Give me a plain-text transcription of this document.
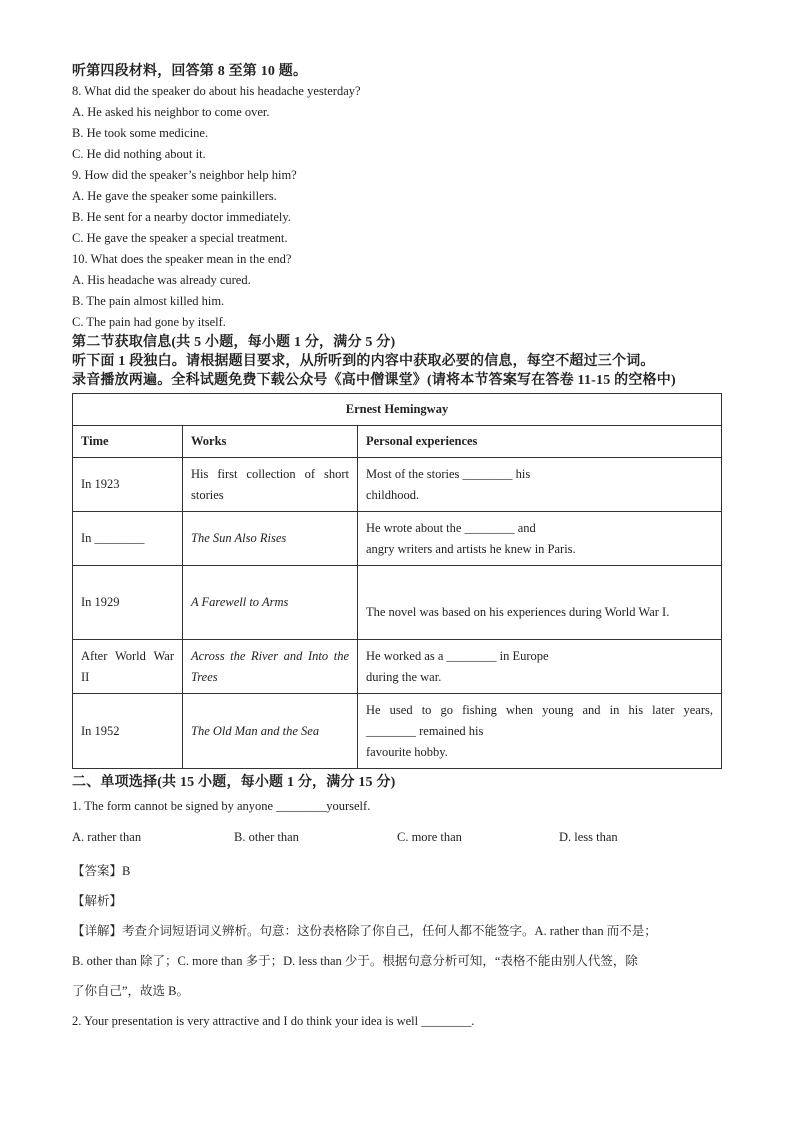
听第四段材料，回答第 8 至第 10 题。
8. What did the speaker do about his headache yesterday?
A. He asked his neighbor to come over.
B. He took some medicine.
C. He did nothing about it.
9. How did the speaker’s neighbor help him?
A. He gave the speaker some painkillers.
B. He sent for a nearby doctor immediately.
C. He gave the speaker a special treatment.
10. What does the speaker mean in the end?
A. His headache was already cured.
B. The pain almost killed him.
C. The pain had gone by itself.
第二节获取信息(共 5 小题，每小题 1 分，满分 5 分)
听下面 1 段独白。请根据题目要求，从所听到的内容中获取必要的信息，每空不超过三个词。
录音播放两遍。全科试题免费下载公众号《高中僧课堂》(请将本节答案写在答卷 11-15 的空格中)
Ernest Hemingway		
Time	Works	Personal experiences
In 1923	His first collection of short stories	Most of the stories ________ his
childhood.

In ________	The Sun Also Rises	He wrote about the ________ and
angry writers and artists he knew in Paris.

In 1929	A Farewell to Arms	The novel was based on his experiences during World War I.
After World War II	Across the River and Into the Trees	He worked as a ________ in Europe
during the war.

In 1952	The Old Man and the Sea	He used to go fishing when young and in his later years,
________ remained his
favourite hobby.
二、单项选择(共 15 小题，每小题 1 分，满分 15 分)
1. The form cannot be signed by anyone ________yourself.
A. rather than	B. other than	C. more than	D. less than
【答案】B
【解析】
【详解】考查介词短语词义辨析。句意：这份表格除了你自己，任何人都不能签字。A. rather than 而不是；
B. other than 除了；C. more than 多于；D. less than 少于。根据句意分析可知，“表格不能由别人代签，除
了你自己”，故选 B。
2. Your presentation is very attractive and I do think your idea is well ________.
